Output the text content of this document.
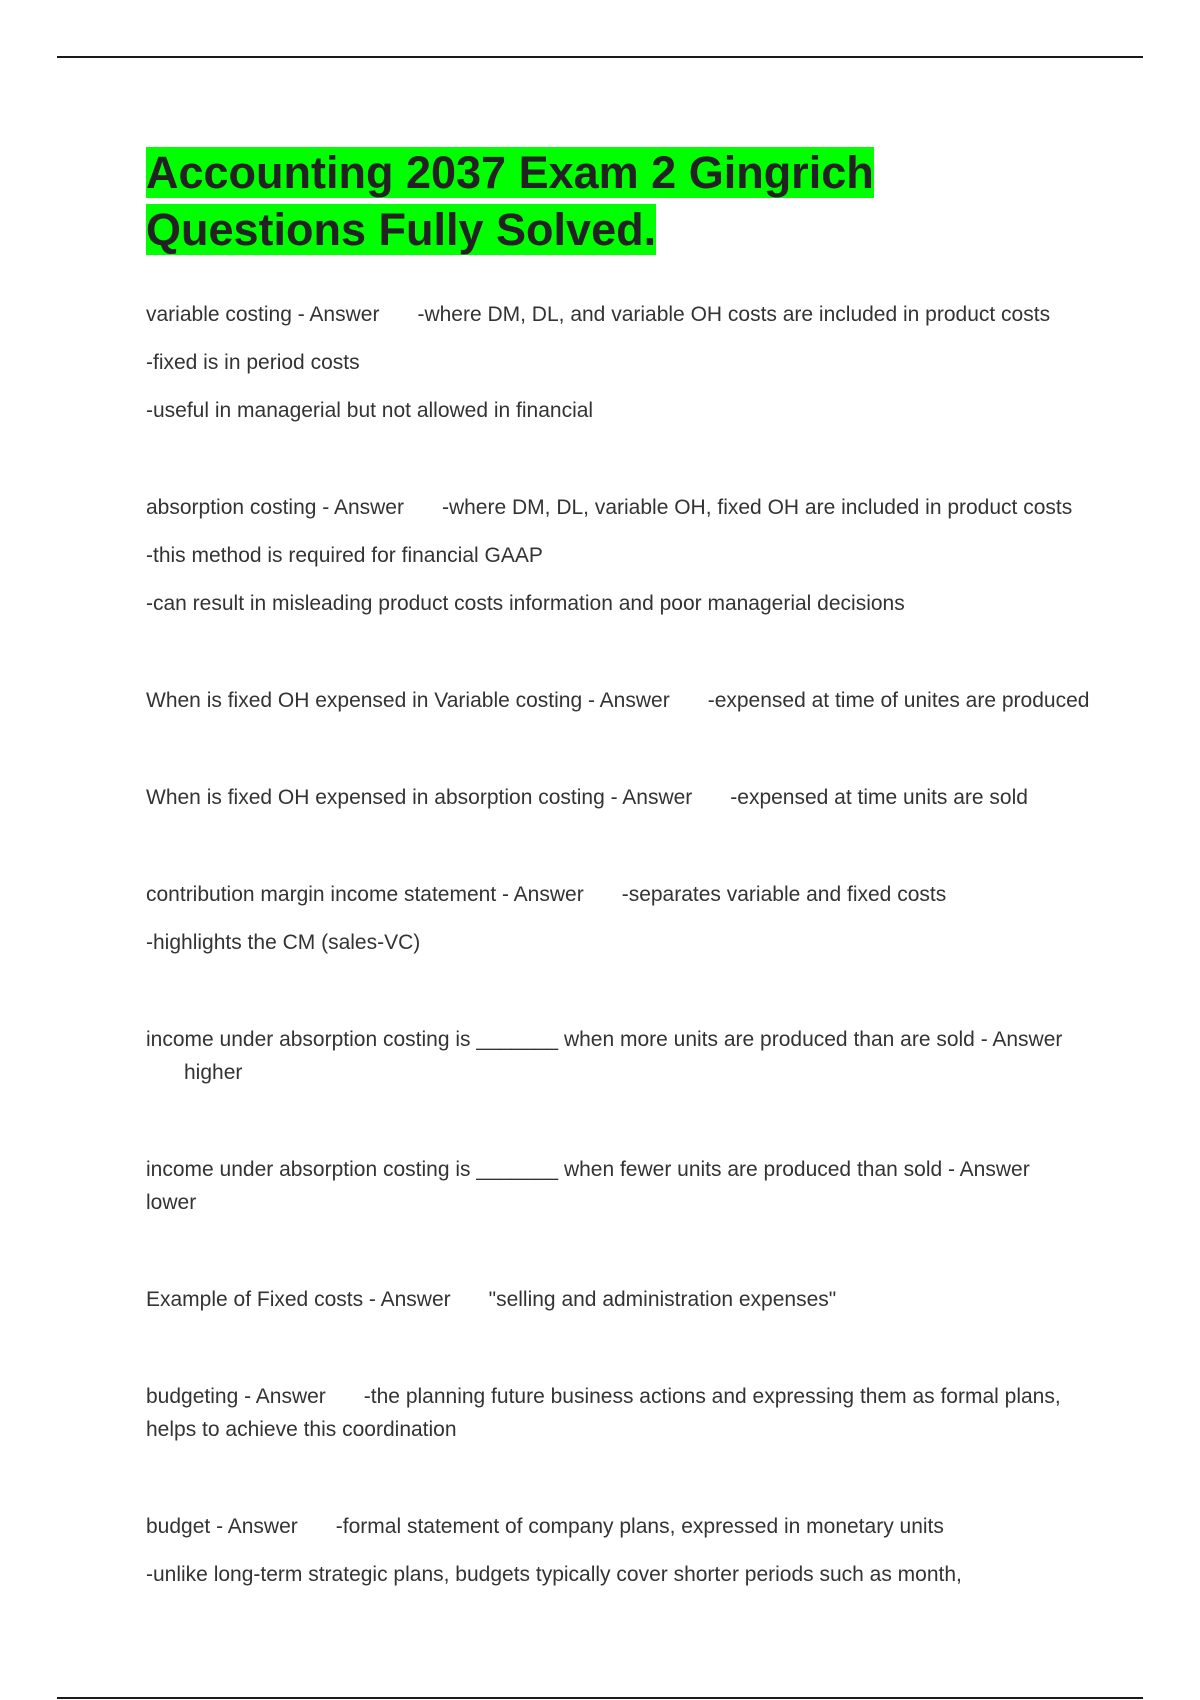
Accounting 2037 Exam 2 Gingrich
Questions Fully Solved.

variable costing - Answer -where DM, DL, and variable OH costs are included in product costs

-fixed is in period costs

-useful in managerial but not allowed in financial

absorption costing - Answer -where DM, DL, variable OH, fixed OH are included in product costs

-this method is required for financial GAAP

-can result in misleading product costs information and poor managerial decisions

When is fixed OH expensed in Variable costing - Answer -expensed at time of unites are produced

When is fixed OH expensed in absorption costing - Answer -expensed at time units are sold

contribution margin income statement - Answer -separates variable and fixed costs

-highlights the CM (sales-VC)

income under absorption costing is _______ when more units are produced than are sold - Answerhigher

income under absorption costing is _______ when fewer units are produced than sold - Answerlower

Example of Fixed costs - Answer "selling and administration expenses"

budgeting - Answer -the planning future business actions and expressing them as formal plans, helps to achieve this coordination

budget - Answer -formal statement of company plans, expressed in monetary units

-unlike long-term strategic plans, budgets typically cover shorter periods such as month,
